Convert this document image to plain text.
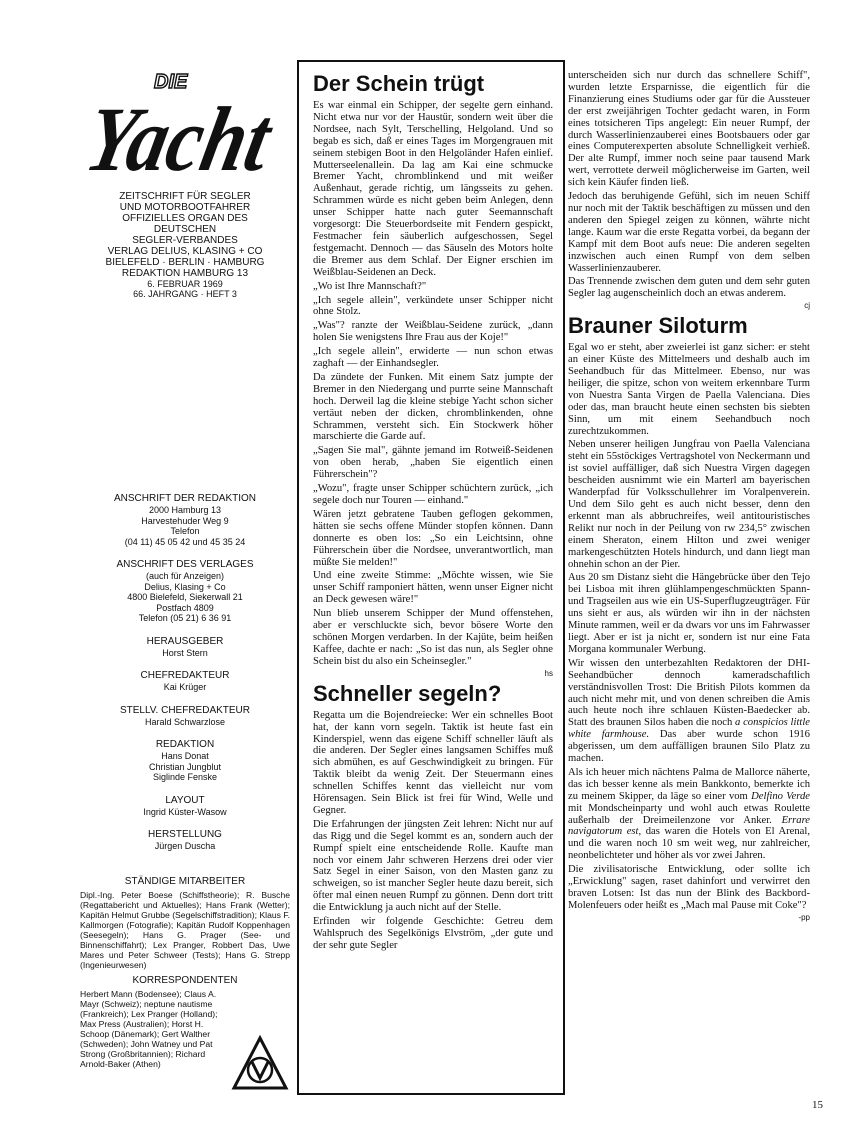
DIE
Yacht
ZEITSCHRIFT FÜR SEGLER
UND MOTORBOOTFAHRER
OFFIZIELLES ORGAN DES
DEUTSCHEN
SEGLER-VERBANDES
VERLAG DELIUS, KLASING + CO
BIELEFELD · BERLIN · HAMBURG
REDAKTION HAMBURG 13
6. FEBRUAR 1969
66. JAHRGANG · HEFT 3
ANSCHRIFT DER REDAKTION
2000 Hamburg 13
Harvestehuder Weg 9
Telefon
(04 11) 45 05 42 und 45 35 24
ANSCHRIFT DES VERLAGES
(auch für Anzeigen)
Delius, Klasing + Co
4800 Bielefeld, Siekerwall 21
Postfach 4809
Telefon (05 21) 6 36 91
HERAUSGEBER
Horst Stern
CHEFREDAKTEUR
Kai Krüger
STELLV. CHEFREDAKTEUR
Harald Schwarzlose
REDAKTION
Hans Donat
Christian Jungblut
Siglinde Fenske
LAYOUT
Ingrid Küster-Wasow
HERSTELLUNG
Jürgen Duscha
STÄNDIGE MITARBEITER
Dipl.-Ing. Peter Boese (Schiffstheorie); R. Busche (Regattabericht und Aktuelles); Hans Frank (Wetter); Kapitän Helmut Grubbe (Segelschiffstradition); Klaus F. Kallmorgen (Fotografie); Kapitän Rudolf Koppenhagen (Seesegeln); Hans G. Prager (See- und Binnenschiffahrt); Lex Pranger, Robbert Das, Uwe Mares und Peter Schweer (Tests); Hans G. Strepp (Ingenieurwesen)
KORRESPONDENTEN
Herbert Mann (Bodensee); Claus A. Mayr (Schweiz); neptune nautisme (Frankreich); Lex Pranger (Holland); Max Press (Australien); Horst H. Schoop (Dänemark); Gert Walther (Schweden); John Watney und Pat Strong (Großbritannien); Richard Arnold-Baker (Athen)
Der Schein trügt

Es war einmal ein Schipper, der segelte gern einhand. Nicht etwa nur vor der Haustür, sondern weit über die Nordsee, nach Sylt, Terschelling, Helgoland. Und so begab es sich, daß er eines Tages im Morgengrauen mit seinem stebigen Boot in den Helgoländer Hafen einlief. Mutterseelenallein. Da lag am Kai eine schmucke Bremer Yacht, chromblinkend und mit weißer Außenhaut, gerade richtig, um längsseits zu gehen. Schrammen würde es nicht geben beim Anlegen, denn unser Schipper hatte nach guter Seemannschaft vorgesorgt: Die Steuerbordseite mit Fendern gespickt, Festmacher fein säuberlich aufgeschossen, Segel festgemacht. Dennoch — das Säuseln des Motors holte die Bremer aus dem Schlaf. Der Eigner erschien im Weißblau-Seidenen an Deck.

„Wo ist Ihre Mannschaft?"

„Ich segele allein", verkündete unser Schipper nicht ohne Stolz.

„Was"? ranzte der Weißblau-Seidene zurück, „dann holen Sie wenigstens Ihre Frau aus der Koje!"

„Ich segele allein", erwiderte — nun schon etwas zaghaft — der Einhandsegler.

Da zündete der Funken. Mit einem Satz jumpte der Bremer in den Niedergang und purrte seine Mannschaft hoch. Derweil lag die kleine stebige Yacht schon sicher vertäut neben der dicken, chromblinkenden, ohne Schrammen, versteht sich. Ein Stockwerk höher marschierte die Garde auf.

„Sagen Sie mal", gähnte jemand im Rotweiß-Seidenen von oben herab, „haben Sie eigentlich einen Führerschein"?

„Wozu", fragte unser Schipper schüchtern zurück, „ich segele doch nur Touren — einhand."

Wären jetzt gebratene Tauben geflogen gekommen, hätten sie sechs offene Münder stopfen können. Dann donnerte es oben los: „So ein Leichtsinn, ohne Führerschein über die Nordsee, unverantwortlich, man müßte Sie melden!"

Und eine zweite Stimme: „Möchte wissen, wie Sie unser Schiff ramponiert hätten, wenn unser Eigner nicht an Deck gewesen wäre!"

Nun blieb unserem Schipper der Mund offenstehen, aber er verschluckte sich, bevor bösere Worte den schönen Morgen verdarben. In der Kajüte, beim heißen Kaffee, dachte er nach: „So ist das nun, als Segler ohne Schein bist du also ein Scheinsegler."

hs
Schneller segeln?

Regatta um die Bojendreiecke: Wer ein schnelles Boot hat, der kann vorn segeln. Taktik ist heute fast ein Kinderspiel, wenn das eigene Schiff schneller läuft als die anderen. Der Segler eines langsamen Schiffes muß sich abmühen, es auf Geschwindigkeit zu bringen. Für Taktik bleibt da wenig Zeit. Der Steuermann eines schnellen Schiffes kennt das vielleicht nur vom Hörensagen. Sein Blick ist frei für Wind, Welle und Gegner.

Die Erfahrungen der jüngsten Zeit lehren: Nicht nur auf das Rigg und die Segel kommt es an, sondern auch der Rumpf spielt eine entscheidende Rolle. Kaufte man noch vor einem Jahr schweren Herzens drei oder vier Satz Segel in einer Saison, von den Masten ganz zu schweigen, so ist mancher Segler heute dazu bereit, sich öfter mal einen neuen Rumpf zu gönnen. Denn dort tritt die Entwicklung ja auch nicht auf der Stelle.

Erfinden wir folgende Geschichte: Getreu dem Wahlspruch des Segelkönigs Elvström, „der gute und der sehr gute Segler

unterscheiden sich nur durch das schnellere Schiff", wurden letzte Ersparnisse, die eigentlich für die Finanzierung eines Studiums oder gar für die Aussteuer der erst zweijährigen Tochter gedacht waren, in Form eines totsicheren Tips angelegt: Ein neuer Rumpf, der durch Wasserlinienzauberei eines Bootsbauers oder gar eines Computerexperten absolute Schnelligkeit verhieß. Der alte Rumpf, immer noch seine paar tausend Mark wert, verrottete derweil möglicherweise im Garten, weil sich kein Käufer finden ließ.

Jedoch das beruhigende Gefühl, sich im neuen Schiff nur noch mit der Taktik beschäftigen zu müssen und den anderen den Spiegel zeigen zu können, währte nicht lange. Kaum war die erste Regatta vorbei, da begann der Kampf mit dem Boot aufs neue: Die anderen segelten inzwischen auch einen Rumpf von dem selben Wasserlinienzauberer.

Das Trennende zwischen dem guten und dem sehr guten Segler lag augenscheinlich doch an etwas anderem.

cj
Brauner Siloturm

Egal wo er steht, aber zweierlei ist ganz sicher: er steht an einer Küste des Mittelmeers und deshalb auch im Seehandbuch für das Mittelmeer. Ebenso, nur was heiliger, die spitze, schon von weitem erkennbare Turm von Nuestra Santa Virgen de Paella Valenciana. Dies oder das, man braucht heute einen sechsten bis siebten Sinn, um mit einem Seehandbuch noch zurechtzukommen.

Neben unserer heiligen Jungfrau von Paella Valenciana steht ein 55stöckiges Vertragshotel von Neckermann und ist soviel auffälliger, daß sich Nuestra Virgen dagegen bescheiden ausnimmt wie ein Marterl am bayerischen Wanderpfad für Volksschullehrer im Voralpenverein. Und dem Silo geht es auch nicht besser, denn den erkennt man als abbruchreifes, weil antitouristisches Relikt nur noch in der Peilung von rw 234,5° zwischen einem Sheraton, einem Hilton und zwei weniger markengeschützten Hotels hindurch, und dann liegt man ohnehin schon an der Pier.

Aus 20 sm Distanz sieht die Hängebrücke über den Tejo bei Lisboa mit ihren glühlampengeschmückten Spann- und Tragseilen aus wie ein US-Superflugzeugträger. Für uns sieht er aus, als würden wir ihn in der nächsten Minute rammen, weil er da dwars vor uns im Fahrwasser liegt. Aber er ist ja nicht er, sondern ist nur eine Fata Morgana kommunaler Werbung.

Wir wissen den unterbezahlten Redaktoren der DHI-Seehandbücher dennoch kameradschaftlich verständnisvollen Trost: Die British Pilots kommen da auch nicht mehr mit, und von denen schreiben die Amis auch heute noch ihre schlauen Küsten-Baedecker ab. Statt des braunen Silos haben die noch a conspicios little white farmhouse. Das aber wurde schon 1916 abgerissen, um dem auffälligen braunen Silo Platz zu machen.

Als ich heuer mich nächtens Palma de Mallorce näherte, das ich besser kenne als mein Bankkonto, bemerkte ich zu meinem Skipper, da läge so einer vom Delfino Verde mit Mondscheinparty und wohl auch etwas Roulette außerhalb der Dreimeilenzone vor Anker. Errare navigatorum est, das waren die Hotels von El Arenal, und die waren noch 10 sm weit weg, nur zahlreicher, neonbelichteter und höher als vor zwei Jahren.

Die zivilisatorische Entwicklung, oder sollte ich „Erwicklung" sagen, raset dahinfort und verwirret den braven Lotsen: Ist das nun der Blink des Backbord-Molenfeuers oder heißt es „Mach mal Pause mit Coke"?

-pp
15
